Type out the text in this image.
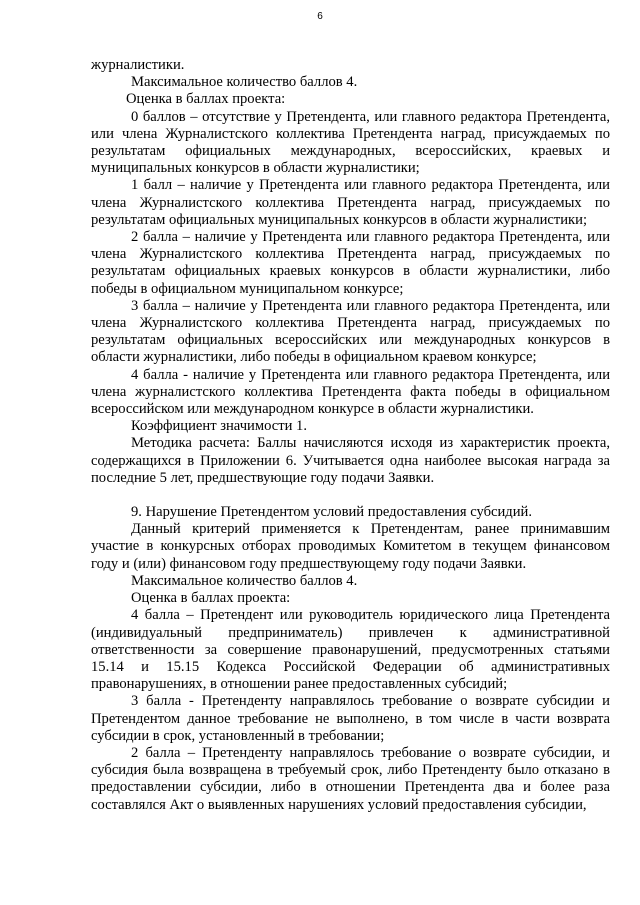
6

журналистики.

Максимальное количество баллов 4.

Оценка в баллах проекта:

0 баллов – отсутствие у Претендента, или главного редактора Претендента, или члена Журналистского коллектива Претендента наград, присуждаемых по результатам официальных международных, всероссийских, краевых и муниципальных конкурсов в области журналистики;

1 балл – наличие у Претендента или главного редактора Претендента, или члена Журналистского коллектива Претендента наград, присуждаемых по результатам официальных муниципальных конкурсов в области журналистики;

2 балла – наличие у Претендента или главного редактора Претендента, или члена Журналистского коллектива Претендента наград, присуждаемых по результатам официальных краевых конкурсов в области журналистики, либо победы в официальном муниципальном конкурсе;

3 балла – наличие у Претендента или главного редактора Претендента, или члена Журналистского коллектива Претендента наград, присуждаемых по результатам официальных всероссийских или международных конкурсов в области журналистики, либо победы в официальном краевом конкурсе;

4 балла - наличие у Претендента или главного редактора Претендента, или члена журналистского коллектива Претендента факта победы в официальном всероссийском или международном конкурсе в области журналистики.

Коэффициент значимости 1.

Методика расчета: Баллы начисляются исходя из характеристик проекта, содержащихся в Приложении 6. Учитывается одна наиболее высокая награда за последние 5 лет, предшествующие году подачи Заявки.

9. Нарушение Претендентом условий предоставления субсидий.

Данный критерий применяется к Претендентам, ранее принимавшим участие в конкурсных отборах проводимых Комитетом в текущем финансовом году и (или) финансовом году предшествующему году подачи Заявки.

Максимальное количество баллов 4.

Оценка в баллах проекта:

4 балла – Претендент или руководитель юридического лица Претендента (индивидуальный предприниматель) привлечен к административной ответственности за совершение правонарушений, предусмотренных статьями 15.14 и 15.15 Кодекса Российской Федерации об административных правонарушениях, в отношении ранее предоставленных субсидий;

3 балла - Претенденту направлялось требование о возврате субсидии и Претендентом данное требование не выполнено, в том числе в части возврата субсидии в срок, установленный в требовании;

2 балла – Претенденту направлялось требование о возврате субсидии, и субсидия была возвращена в требуемый срок, либо Претенденту было отказано в предоставлении субсидии, либо в отношении Претендента два и более раза составлялся Акт о выявленных нарушениях условий предоставления субсидии,
